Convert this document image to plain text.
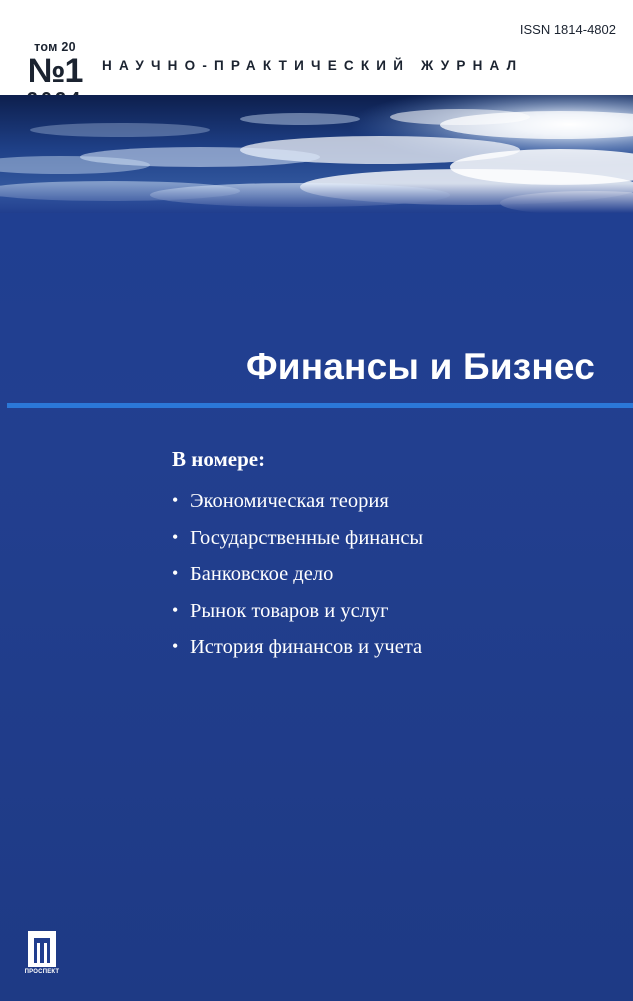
ISSN 1814-4802
том 20
№1	НАУЧНО-ПРАКТИЧЕСКИЙ ЖУРНАЛ
Финансы и Бизнес
В номере:
• Экономическая теория
• Государственные финансы
• Банковское дело
• Рынок товаров и услуг
• История финансов и учета
ПРОСПЕКТ
